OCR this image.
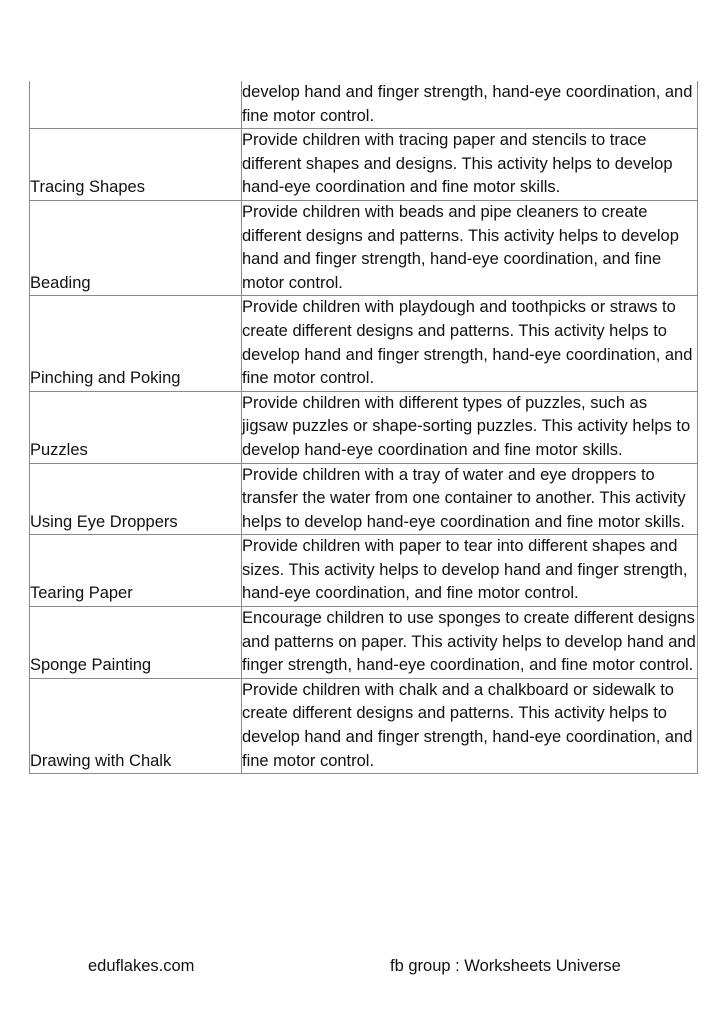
	develop hand and finger strength, hand-eye coordination, and fine motor control.

Tracing Shapes	Provide children with tracing paper and stencils to trace different shapes and designs. This activity helps to develop hand-eye coordination and fine motor skills.

Beading	Provide children with beads and pipe cleaners to create different designs and patterns. This activity helps to develop hand and finger strength, hand-eye coordination, and fine motor control.

Pinching and Poking	Provide children with playdough and toothpicks or straws to create different designs and patterns. This activity helps to develop hand and finger strength, hand-eye coordination, and fine motor control.

Puzzles	Provide children with different types of puzzles, such as jigsaw puzzles or shape-sorting puzzles. This activity helps to develop hand-eye coordination and fine motor skills.

Using Eye Droppers	Provide children with a tray of water and eye droppers to transfer the water from one container to another. This activity helps to develop hand-eye coordination and fine motor skills.

Tearing Paper	Provide children with paper to tear into different shapes and sizes. This activity helps to develop hand and finger strength, hand-eye coordination, and fine motor control.

Sponge Painting	Encourage children to use sponges to create different designs and patterns on paper. This activity helps to develop hand and finger strength, hand-eye coordination, and fine motor control.

Drawing with Chalk	Provide children with chalk and a chalkboard or sidewalk to create different designs and patterns. This activity helps to develop hand and finger strength, hand-eye coordination, and fine motor control.

eduflakes.com	fb group : Worksheets Universe
